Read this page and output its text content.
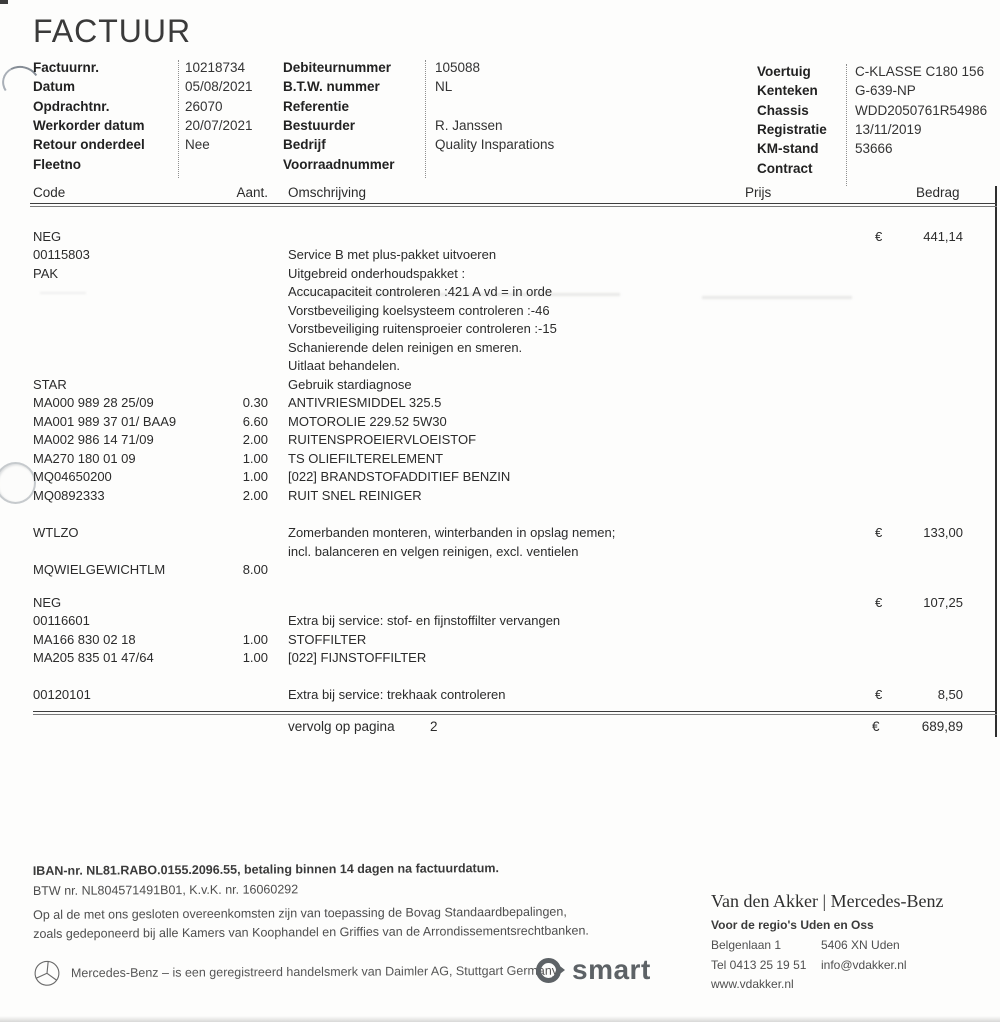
FACTUUR
Factuurnr.	10218734
Datum	05/08/2021
Opdrachtnr.	26070
Werkorder datum	20/07/2021
Retour onderdeel	Nee
Fleetno
Debiteurnummer	105088
B.T.W. nummer	NL
Referentie
Bestuurder	R. Janssen
Bedrijf	Quality Insparations
Voorraadnummer
Voertuig	C-KLASSE C180 156
Kenteken	G-639-NP
Chassis	WDD2050761R54986
Registratie	13/11/2019
KM-stand	53666
Contract
Code	Aant. Omschrijving	Prijs	Bedrag
NEG	€	441,14
00115803	Service B met plus-pakket uitvoeren
PAK	Uitgebreid onderhoudspakket :
Accucapaciteit controleren :421 A vd = in orde
Vorstbeveiliging koelsysteem controleren :-46
Vorstbeveiliging ruitensproeier controleren :-15
Schanierende delen reinigen en smeren.
Uitlaat behandelen.
STAR	Gebruik stardiagnose
MA000 989 28 25/09	0.30 ANTIVRIESMIDDEL 325.5
MA001 989 37 01/ BAA9	6.60 MOTOROLIE 229.52 5W30
MA002 986 14 71/09	2.00 RUITENSPROEIERVLOEISTOF
MA270 180 01 09	1.00 TS OLIEFILTERELEMENT
MQ04650200	1.00 [022] BRANDSTOFADDITIEF BENZIN
MQ0892333	2.00 RUIT SNEL REINIGER
WTLZO	Zomerbanden monteren, winterbanden in opslag nemen;	€	133,00
incl. balanceren en velgen reinigen, excl. ventielen
MQWIELGEWICHTLM	8.00
NEG	€	107,25
00116601	Extra bij service: stof- en fijnstoffilter vervangen
MA166 830 02 18	1.00 STOFFILTER
MA205 835 01 47/64	1.00 [022] FIJNSTOFFILTER
00120101	Extra bij service: trekhaak controleren	€	8,50
vervolg op pagina	2	€	689,89
IBAN-nr. NL81.RABO.0155.2096.55, betaling binnen 14 dagen na factuurdatum.
BTW nr. NL804571491B01, K.v.K. nr. 16060292
Op al de met ons gesloten overeenkomsten zijn van toepassing de Bovag Standaardbepalingen,
zoals gedeponeerd bij alle Kamers van Koophandel en Griffies van de Arrondissementsrechtbanken.
Mercedes-Benz – is een geregistreerd handelsmerk van Daimler AG, Stuttgart Germany smart
Van den Akker | Mercedes-Benz
Voor de regio's Uden en Oss
Belgenlaan 1	5406 XN Uden
Tel 0413 25 19 51	info@vdakker.nl
www.vdakker.nl
